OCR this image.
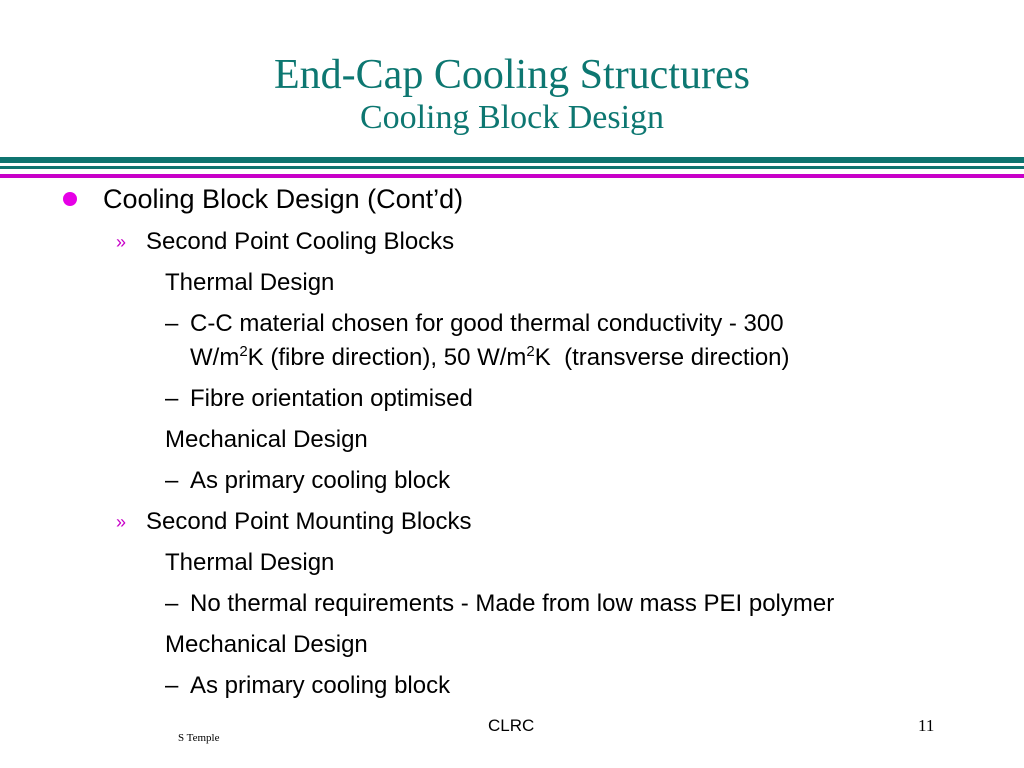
End-Cap Cooling Structures
Cooling Block Design
Cooling Block Design (Cont’d)
» Second Point Cooling Blocks
Thermal Design
– C-C material chosen for good thermal conductivity - 300
$W/m^2K$ (fibre direction), 50 $W/m^2K$  (transverse direction)
– Fibre orientation optimised
Mechanical Design
– As primary cooling block
» Second Point Mounting Blocks
Thermal Design
– No thermal requirements - Made from low mass PEI polymer
Mechanical Design
– As primary cooling block
S Temple
CLRC	11
